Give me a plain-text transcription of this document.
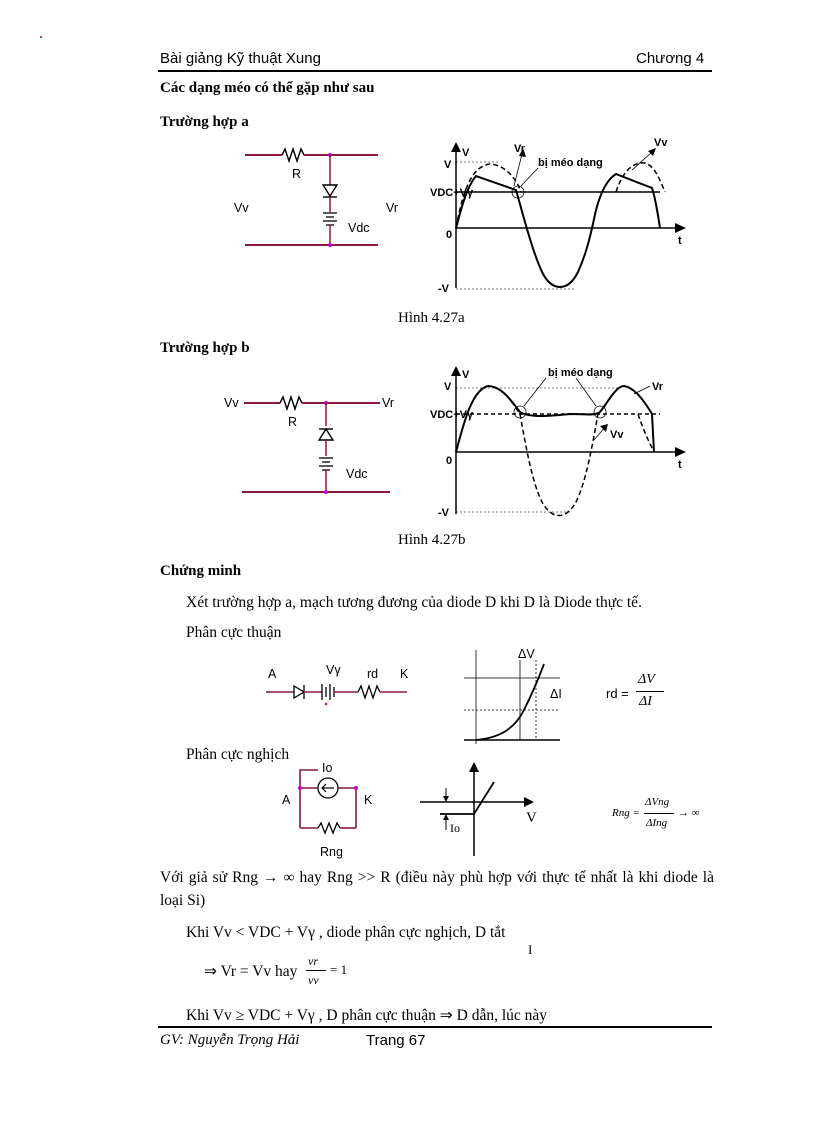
Bài giảng Kỹ thuật Xung	Chương 4
Các dạng méo có thể gặp như sau
Trường hợp a
R
Vv	Vr
Vdc
V
V
VDC+Vγ
0
-V
t
Vr	Vv
bị méo dạng
Hình 4.27a
Trường hợp b
Vv	Vr
R
Vdc
V
V
VDC+Vγ
0
-V
t
Vr
Vv
bị méo dạng
Hình 4.27b
Chứng minh
Xét trường hợp a, mạch tương đương của diode D khi D là Diode thực tế.
Phân cực thuận
A	Vγ rd K
ΔV
ΔI	rd =
ΔV
ΔI
Phân cực nghịch
Io
A	K
Rng
V
Io
Rng =
ΔVng
ΔIng
→ ∞
Với giả sử Rng → ∞ hay Rng >> R (điều này phù hợp với thực tế nhất là khi diode là loại Si)
Khi Vv < VDC + Vγ , diode phân cực nghịch, D tắt
I
⇒ Vr = Vv hay
vr
vv
= 1
Khi Vv ≥ VDC + Vγ , D phân cực thuận ⇒ D dẫn, lúc này
GV: Nguyễn Trọng Hải	Trang 67
